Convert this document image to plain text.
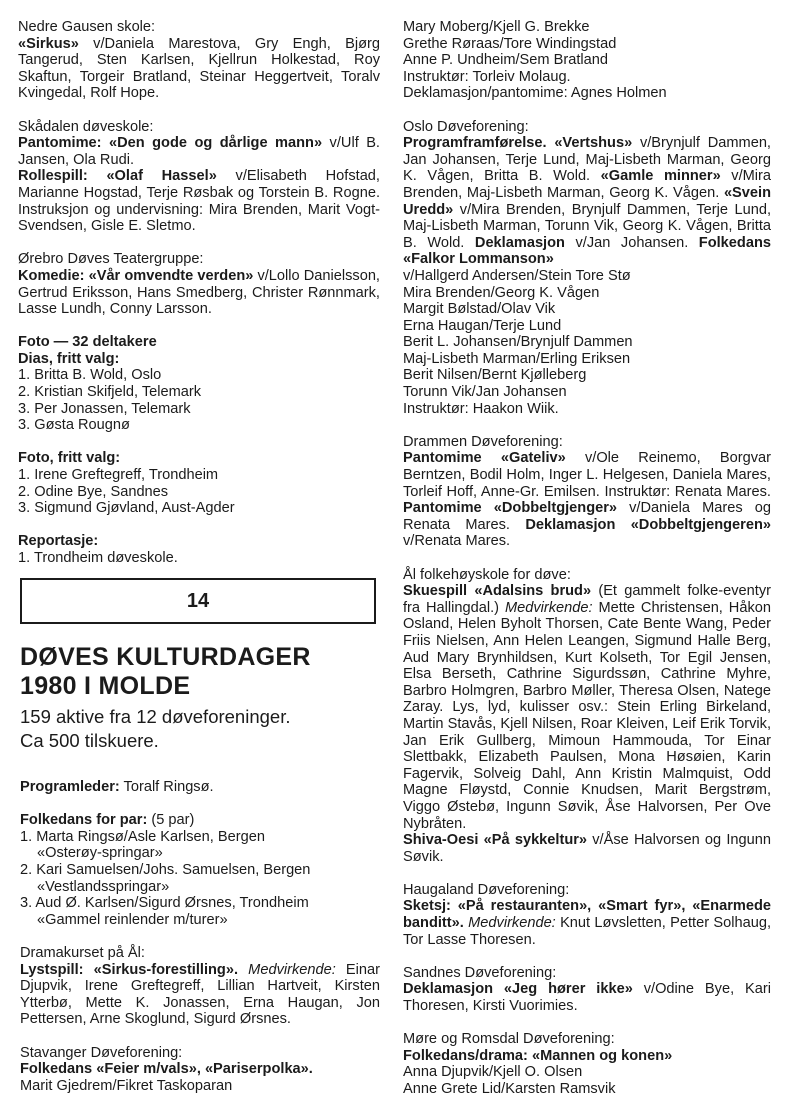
Nedre Gausen skole:

«Sirkus» v/Daniela Marestova, Gry Engh, Bjørg Tangerud, Sten Karlsen, Kjellrun Holkestad, Roy Skaftun, Torgeir Bratland, Steinar Heggertveit, Toralv Kvingedal, Rolf Hope.

Skådalen døveskole:

Pantomime: «Den gode og dårlige mann» v/Ulf B. Jansen, Ola Rudi.

Rollespill: «Olaf Hassel» v/Elisabeth Hofstad, Marianne Hogstad, Terje Røsbak og Torstein B. Rogne. Instruksjon og undervisning: Mira Brenden, Marit Vogt-Svendsen, Gisle E. Sletmo.

Ørebro Døves Teatergruppe:

Komedie: «Vår omvendte verden» v/Lollo Danielsson, Gertrud Eriksson, Hans Smedberg, Christer Rønnmark, Lasse Lundh, Conny Larsson.

Foto — 32 deltakere

Dias, fritt valg:

1. Britta B. Wold, Oslo

2. Kristian Skifjeld, Telemark

3. Per Jonassen, Telemark

3. Gøsta Rougnø

Foto, fritt valg:

1. Irene Greftegreff, Trondheim

2. Odine Bye, Sandnes

3. Sigmund Gjøvland, Aust-Agder

Reportasje:

1. Trondheim døveskole.

14
DØVES KULTURDAGER
1980 I MOLDE
159 aktive fra 12 døveforeninger.
Ca 500 tilskuere.

Programleder: Toralf Ringsø.

Folkedans for par: (5 par)

1. Marta Ringsø/Asle Karlsen, Bergen
«Osterøy-springar»

2. Kari Samuelsen/Johs. Samuelsen, Bergen
«Vestlandsspringar»

3. Aud Ø. Karlsen/Sigurd Ørsnes, Trondheim
«Gammel reinlender m/turer»

Dramakurset på Ål:

Lystspill: «Sirkus-forestilling». Medvirkende: Einar Djupvik, Irene Greftegreff, Lillian Hartveit, Kirsten Ytterbø, Mette K. Jonassen, Erna Haugan, Jon Pettersen, Arne Skoglund, Sigurd Ørsnes.

Stavanger Døveforening:

Folkedans «Feier m/vals», «Pariserpolka».

Marit Gjedrem/Fikret Taskoparan

Mary Moberg/Kjell G. Brekke

Grethe Røraas/Tore Windingstad

Anne P. Undheim/Sem Bratland

Instruktør: Torleiv Molaug.

Deklamasjon/pantomime: Agnes Holmen

Oslo Døveforening:

Programframførelse. «Vertshus» v/Brynjulf Dammen, Jan Johansen, Terje Lund, Maj-Lisbeth Marman, Georg K. Vågen, Britta B. Wold. «Gamle minner» v/Mira Brenden, Maj-Lisbeth Marman, Georg K. Vågen. «Svein Uredd» v/Mira Brenden, Brynjulf Dammen, Terje Lund, Maj-Lisbeth Marman, Torunn Vik, Georg K. Vågen, Britta B. Wold. Deklamasjon v/Jan Johansen. Folkedans «Falkor Lommanson»

v/Hallgerd Andersen/Stein Tore Stø

Mira Brenden/Georg K. Vågen

Margit Bølstad/Olav Vik

Erna Haugan/Terje Lund

Berit L. Johansen/Brynjulf Dammen

Maj-Lisbeth Marman/Erling Eriksen

Berit Nilsen/Bernt Kjølleberg

Torunn Vik/Jan Johansen

Instruktør: Haakon Wiik.

Drammen Døveforening:

Pantomime «Gateliv» v/Ole Reinemo, Borgvar Berntzen, Bodil Holm, Inger L. Helgesen, Daniela Mares, Torleif Hoff, Anne-Gr. Emilsen. Instruktør: Renata Mares. Pantomime «Dobbeltgjenger» v/Daniela Mares og Renata Mares. Deklamasjon «Dobbeltgjengeren» v/Renata Mares.

Ål folkehøyskole for døve:

Skuespill «Adalsins brud» (Et gammelt folke-eventyr fra Hallingdal.) Medvirkende: Mette Christensen, Håkon Osland, Helen Byholt Thorsen, Cate Bente Wang, Peder Friis Nielsen, Ann Helen Leangen, Sigmund Halle Berg, Aud Mary Brynhildsen, Kurt Kolseth, Tor Egil Jensen, Elsa Berseth, Cathrine Sigurdssøn, Cathrine Myhre, Barbro Holmgren, Barbro Møller, Theresa Olsen, Natege Zaray. Lys, lyd, kulisser osv.: Stein Erling Birkeland, Martin Stavås, Kjell Nilsen, Roar Kleiven, Leif Erik Torvik, Jan Erik Gullberg, Mimoun Hammouda, Tor Einar Slettbakk, Elizabeth Paulsen, Mona Høsøien, Karin Fagervik, Solveig Dahl, Ann Kristin Malmquist, Odd Magne Fløystd, Connie Knudsen, Marit Bergstrøm, Viggo Østebø, Ingunn Søvik, Åse Halvorsen, Per Ove Nybråten.

Shiva-Oesi «På sykkeltur» v/Åse Halvorsen og Ingunn Søvik.

Haugaland Døveforening:

Sketsj: «På restauranten», «Smart fyr», «Enarmede banditt». Medvirkende: Knut Løvsletten, Petter Solhaug, Tor Lasse Thoresen.

Sandnes Døveforening:

Deklamasjon «Jeg hører ikke» v/Odine Bye, Kari Thoresen, Kirsti Vuorimies.

Møre og Romsdal Døveforening:

Folkedans/drama: «Mannen og konen»

Anna Djupvik/Kjell O. Olsen

Anne Grete Lid/Karsten Ramsvik
